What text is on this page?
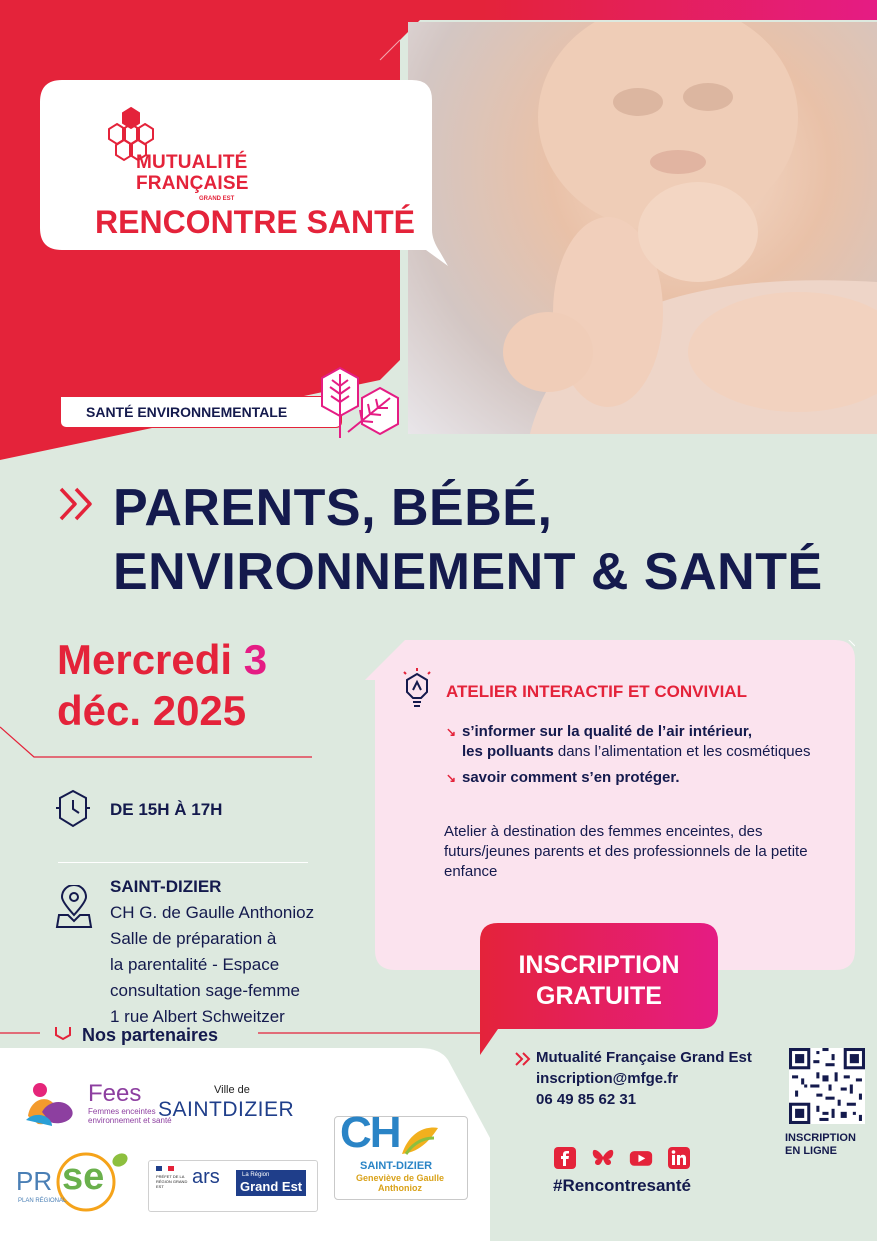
MUTUALITÉ
FRANÇAISE
GRAND EST
RENCONTRE SANTÉ
SANTÉ ENVIRONNEMENTALE
PARENTS, BÉBÉ,
ENVIRONNEMENT & SANTÉ
Mercredi 3
déc. 2025
DE 15H À 17H
SAINT-DIZIER
CH G. de Gaulle Anthonioz
Salle de préparation à
la parentalité - Espace
consultation sage-femme
1 rue Albert Schweitzer
ATELIER INTERACTIF ET CONVIVIAL
↘ s’informer sur la qualité de l’air intérieur,
les polluants dans l’alimentation et les cosmétiques
↘ savoir comment s’en protéger.
Atelier à destination des femmes enceintes, des futurs/jeunes parents et des professionnels de la petite enfance
INSCRIPTION
GRATUITE
Mutualité Française Grand Est
inscription@mfge.fr
06 49 85 62 31
INSCRIPTION
EN LIGNE
#Rencontresanté
Nos partenaires
Fees
Femmes enceintes
environnement et santé
Ville de
SAINTDIZIER CH
SAINT-DIZIER
Geneviève de Gaulle
Anthonioz
PR se
PLAN RÉGIONAL
PRÉFET DE LA RÉGION GRAND EST	ars	La Région
Grand Est
